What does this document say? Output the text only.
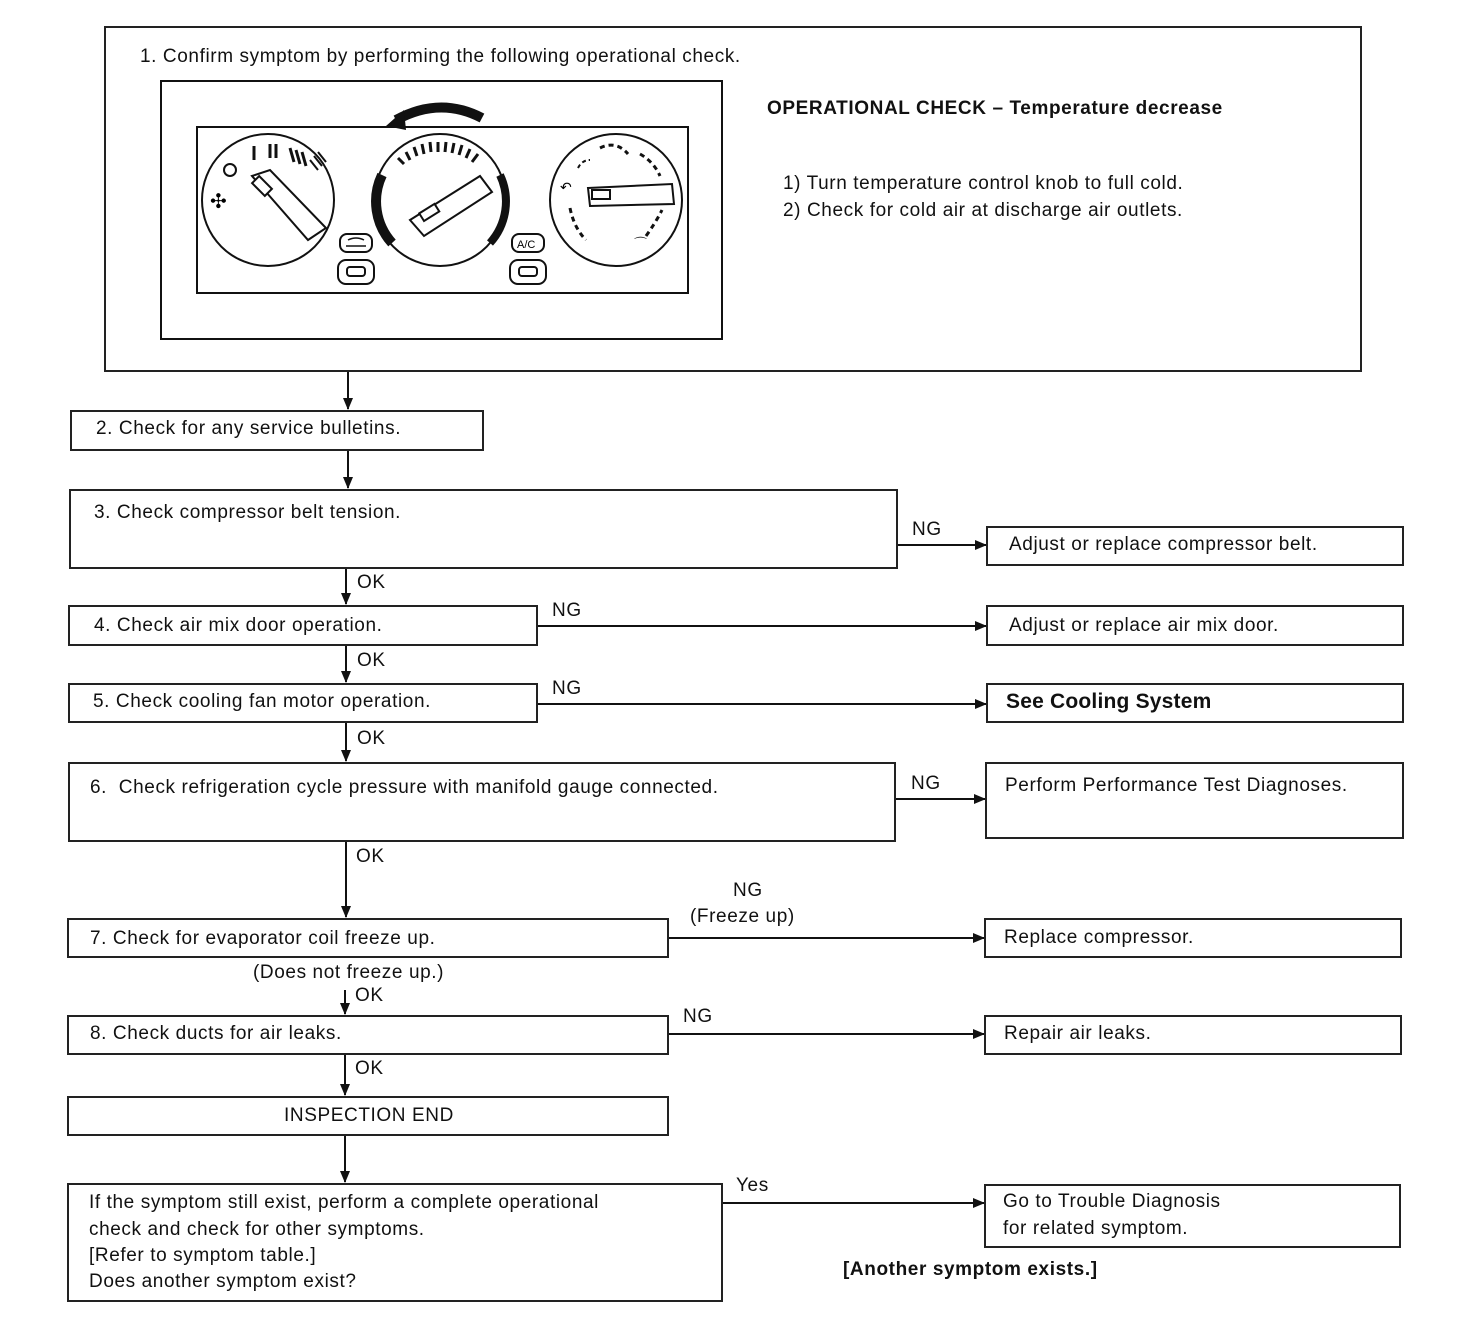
1. Confirm symptom by performing the following operational check.
OPERATIONAL CHECK – Temperature decrease
1) Turn temperature control knob to full cold.
2) Check for cold air at discharge air outlets.
✣
↶
⌒
A/C
2. Check for any service bulletins.
3. Check compressor belt tension.
NG
Adjust or replace compressor belt.
OK
4. Check air mix door operation.
NG
Adjust or replace air mix door.
OK
5. Check cooling fan motor operation.
NG
See Cooling System
OK
6.  Check refrigeration cycle pressure with manifold gauge connected.	NG	Perform Performance Test Diagnoses.
OK
7. Check for evaporator coil freeze up.
NG
(Freeze up)
Replace compressor.
(Does not freeze up.)
OK
8. Check ducts for air leaks.
NG
Repair air leaks.
OK
INSPECTION END
If the symptom still exist, perform a complete operational
check and check for other symptoms.
[Refer to symptom table.]
Does another symptom exist?
Yes
Go to Trouble Diagnosis
for related symptom.
[Another symptom exists.]
